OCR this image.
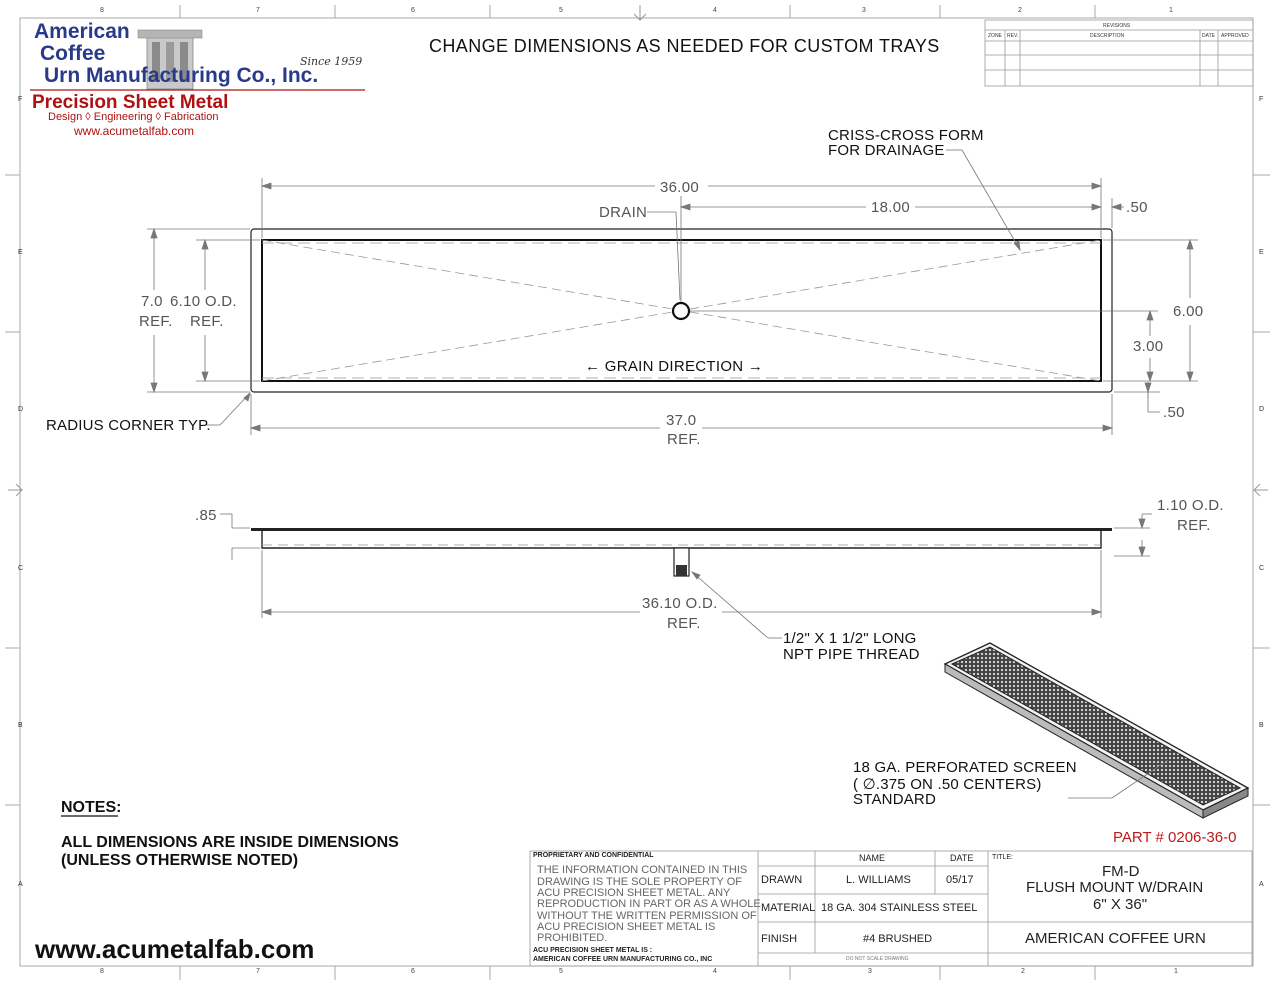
8	7	6	5	4	3	2	1
8	7	6	5	4	3	2	1
F
E
D
C
B
A
F
E
D
C
B
A
American
Coffee
Urn Manufacturing Co., Inc.
Since 1959
Precision Sheet Metal
Design ◊ Engineering ◊ Fabrication
www.acumetalfab.com
CHANGE DIMENSIONS AS NEEDED FOR CUSTOM TRAYS
REVISIONS
ZONE REV.	DESCRIPTION	DATE APPROVED
CRISS-CROSS FORM
FOR DRAINAGE
36.00
DRAIN	18.00	.50
7.0 6.10 O.D.
REF. REF.
6.00
3.00
← GRAIN DIRECTION →
RADIUS CORNER TYP.	37.0
REF.
.50
.85
1.10 O.D.
REF.
36.10 O.D.
REF.
1/2" X 1 1/2" LONG
NPT PIPE THREAD
18 GA. PERFORATED SCREEN
( ∅.375 ON .50 CENTERS)
STANDARD
PART # 0206-36-0
NOTES:
ALL DIMENSIONS ARE INSIDE DIMENSIONS
(UNLESS OTHERWISE NOTED)
www.acumetalfab.com
PROPRIETARY AND CONFIDENTIAL
THE INFORMATION CONTAINED IN THIS
DRAWING IS THE SOLE PROPERTY OF
ACU PRECISION SHEET METAL. ANY
REPRODUCTION IN PART OR AS A WHOLE
WITHOUT THE WRITTEN PERMISSION OF
ACU PRECISION SHEET METAL IS
PROHIBITED.
ACU PRECISION SHEET METAL IS :
AMERICAN COFFEE URN MANUFACTURING CO., INC
NAME	DATE
DRAWN	L. WILLIAMS	05/17
MATERIAL 18 GA. 304 STAINLESS STEEL
FINISH	#4 BRUSHED
DO NOT SCALE DRAWING
TITLE:
FM-D
FLUSH MOUNT W/DRAIN
6" X 36"
AMERICAN COFFEE URN
